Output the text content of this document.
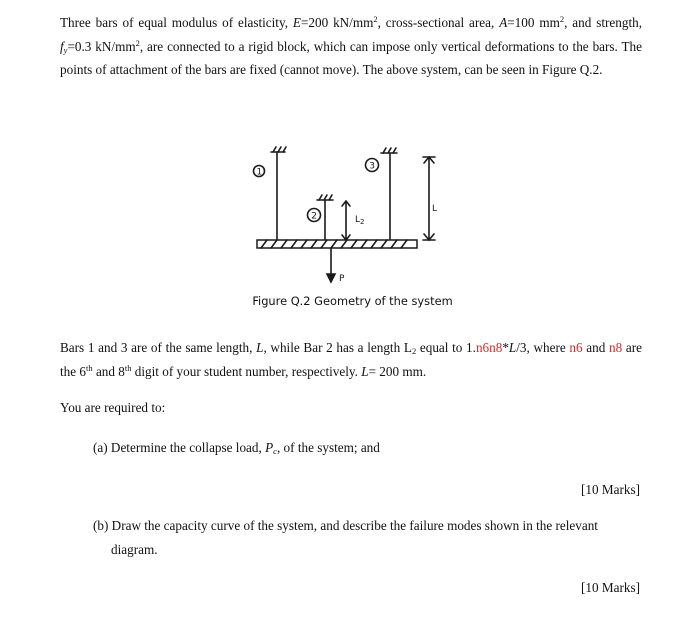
Three bars of equal modulus of elasticity, E=200 $kN/mm^2$, cross-sectional area, A=100 $mm^2$, and strength, $f_y=0.3$ $kN/mm^2$, are connected to a rigid block, which can impose only vertical deformations to the bars. The points of attachment of the bars are fixed (cannot move). The above system, can be seen in Figure Q.2.
1
3
2	$L_2$
L
P
Figure Q.2 Geometry of the system
Bars 1 and 3 are of the same length, L, while Bar 2 has a length $L_2$ equal to 1.n6n8*L/3, where n6 and n8 are the 6th and 8th digit of your student number, respectively. L= 200 mm.
You are required to:
(a) Determine the collapse load, $P_c$, of the system; and
[10 Marks]
(b) Draw the capacity curve of the system, and describe the failure modes shown in the relevant
diagram.
[10 Marks]
